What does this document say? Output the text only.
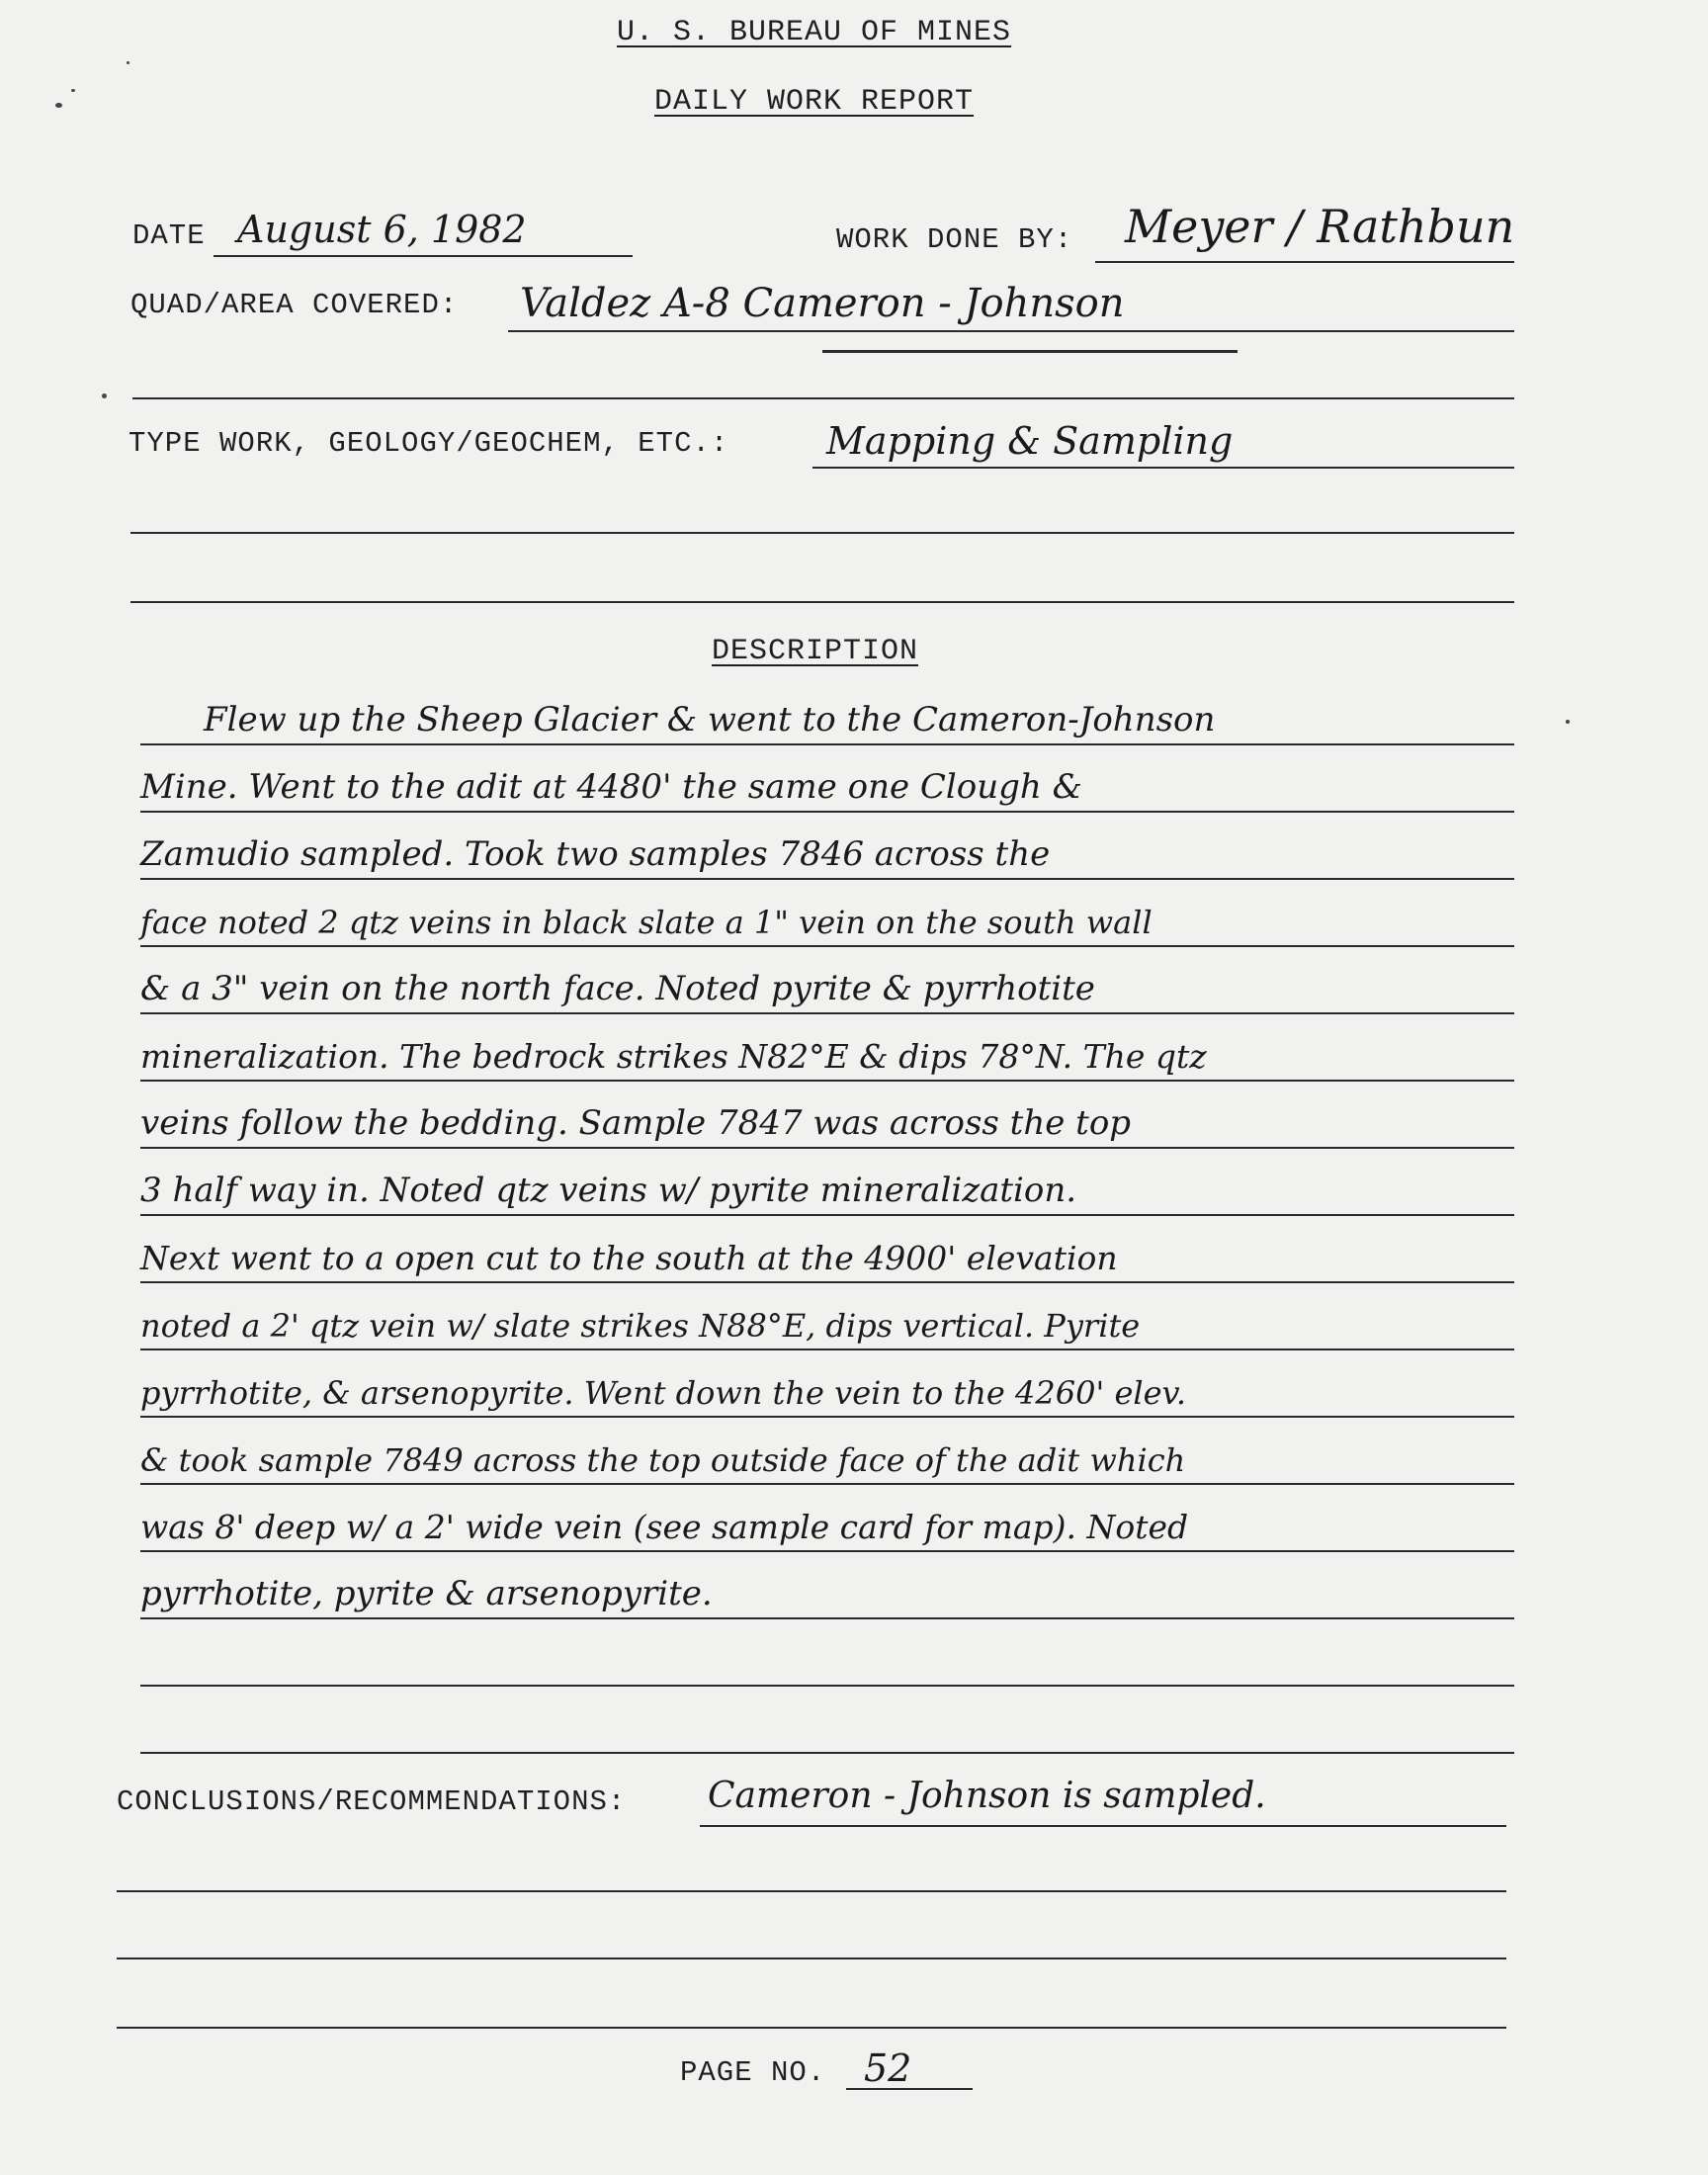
U. S. BUREAU OF MINES
DAILY WORK REPORT
DATE August 6, 1982	WORK DONE BY: Meyer / Rathbun
QUAD/AREA COVERED: Valdez A-8 Cameron - Johnson
TYPE WORK, GEOLOGY/GEOCHEM, ETC.:	Mapping & Sampling
DESCRIPTION
Flew up the Sheep Glacier & went to the Cameron-Johnson
Mine. Went to the adit at 4480' the same one Clough &
Zamudio sampled. Took two samples 7846 across the
face noted 2 qtz veins in black slate a 1" vein on the south wall
& a 3" vein on the north face. Noted pyrite & pyrrhotite
mineralization. The bedrock strikes N82°E & dips 78°N. The qtz
veins follow the bedding. Sample 7847 was across the top
3 half way in. Noted qtz veins w/ pyrite mineralization.
Next went to a open cut to the south at the 4900' elevation
noted a 2' qtz vein w/ slate strikes N88°E, dips vertical. Pyrite
pyrrhotite, & arsenopyrite. Went down the vein to the 4260' elev.
& took sample 7849 across the top outside face of the adit which
was 8' deep w/ a 2' wide vein (see sample card for map). Noted
pyrrhotite, pyrite & arsenopyrite.
CONCLUSIONS/RECOMMENDATIONS: Cameron - Johnson is sampled.
PAGE NO. 52
